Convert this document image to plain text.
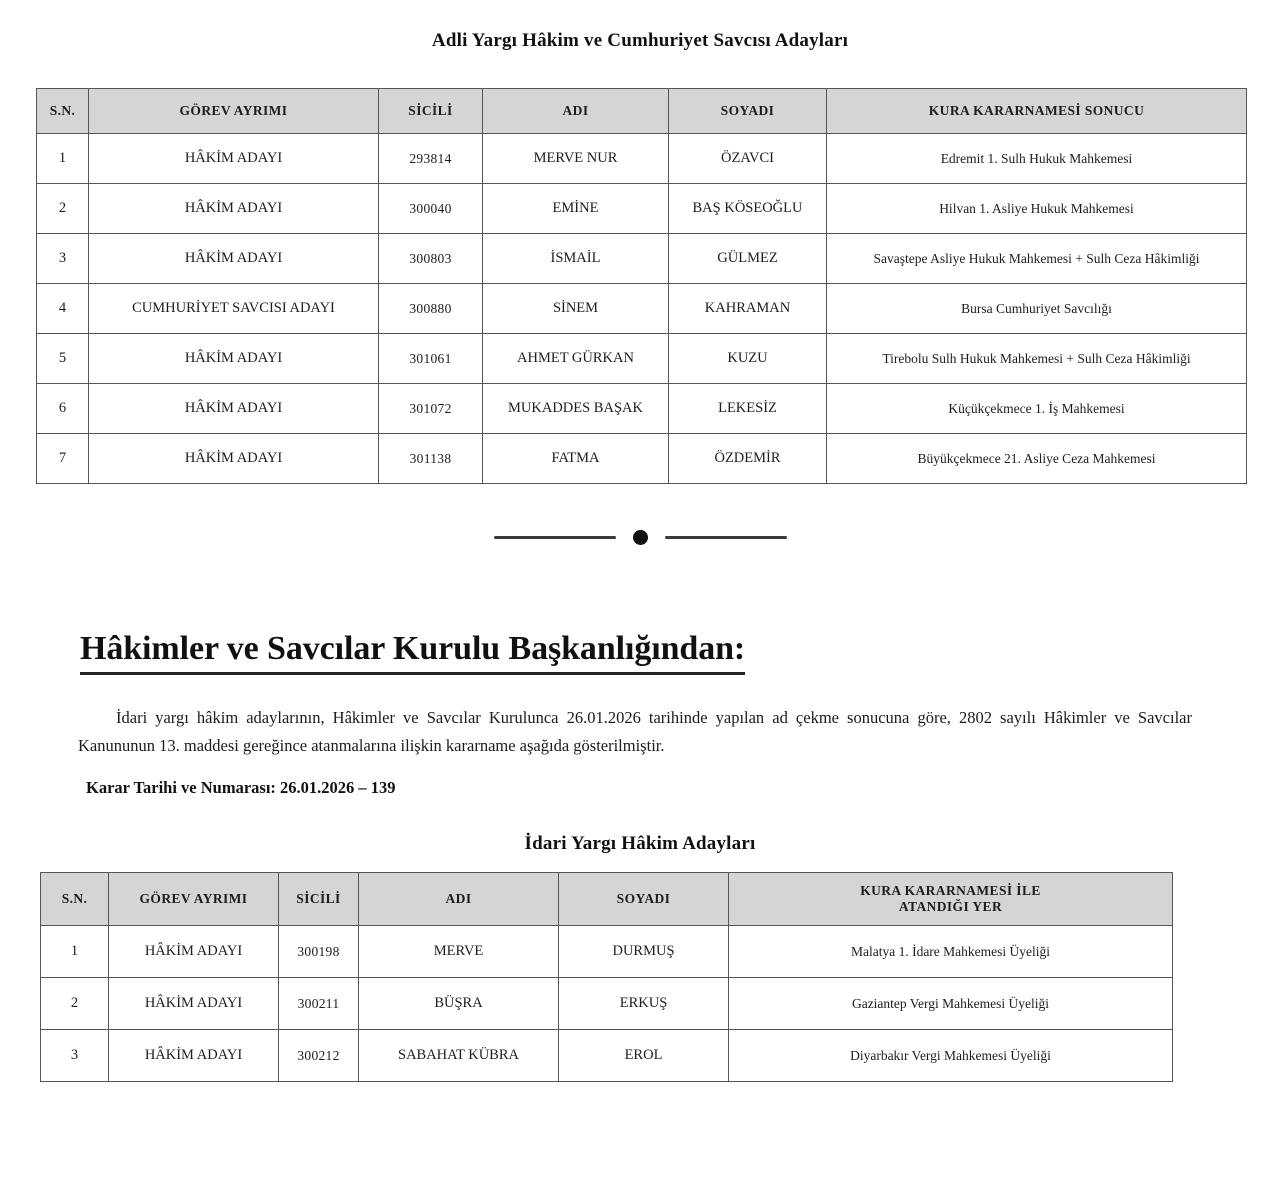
Adli Yargı Hâkim ve Cumhuriyet Savcısı Adayları
S.N.	GÖREV AYRIMI	SİCİLİ	ADI	SOYADI	KURA KARARNAMESİ SONUCU
1	HÂKİM ADAYI	293814	MERVE NUR	ÖZAVCI	Edremit 1. Sulh Hukuk Mahkemesi
2	HÂKİM ADAYI	300040	EMİNE	BAŞ KÖSEOĞLU	Hilvan 1. Asliye Hukuk Mahkemesi
3	HÂKİM ADAYI	300803	İSMAİL	GÜLMEZ	Savaştepe Asliye Hukuk Mahkemesi + Sulh Ceza Hâkimliği
4	CUMHURİYET SAVCISI ADAYI	300880	SİNEM	KAHRAMAN	Bursa Cumhuriyet Savcılığı
5	HÂKİM ADAYI	301061	AHMET GÜRKAN	KUZU	Tirebolu Sulh Hukuk Mahkemesi + Sulh Ceza Hâkimliği
6	HÂKİM ADAYI	301072	MUKADDES BAŞAK	LEKESİZ	Küçükçekmece 1. İş Mahkemesi
7	HÂKİM ADAYI	301138	FATMA	ÖZDEMİR	Büyükçekmece 21. Asliye Ceza Mahkemesi
Hâkimler ve Savcılar Kurulu Başkanlığından:
İdari yargı hâkim adaylarının, Hâkimler ve Savcılar Kurulunca 26.01.2026 tarihinde yapılan ad çekme sonucuna göre, 2802 sayılı Hâkimler ve Savcılar Kanununun 13. maddesi gereğince atanmalarına ilişkin kararname aşağıda gösterilmiştir.
Karar Tarihi ve Numarası: 26.01.2026 – 139
İdari Yargı Hâkim Adayları
S.N.	GÖREV AYRIMI	SİCİLİ	ADI	SOYADI	KURA KARARNAMESİ İLE
ATANDIĞI YER
1	HÂKİM ADAYI	300198	MERVE	DURMUŞ	Malatya 1. İdare Mahkemesi Üyeliği
2	HÂKİM ADAYI	300211	BÜŞRA	ERKUŞ	Gaziantep Vergi Mahkemesi Üyeliği
3	HÂKİM ADAYI	300212	SABAHAT KÜBRA	EROL	Diyarbakır Vergi Mahkemesi Üyeliği
